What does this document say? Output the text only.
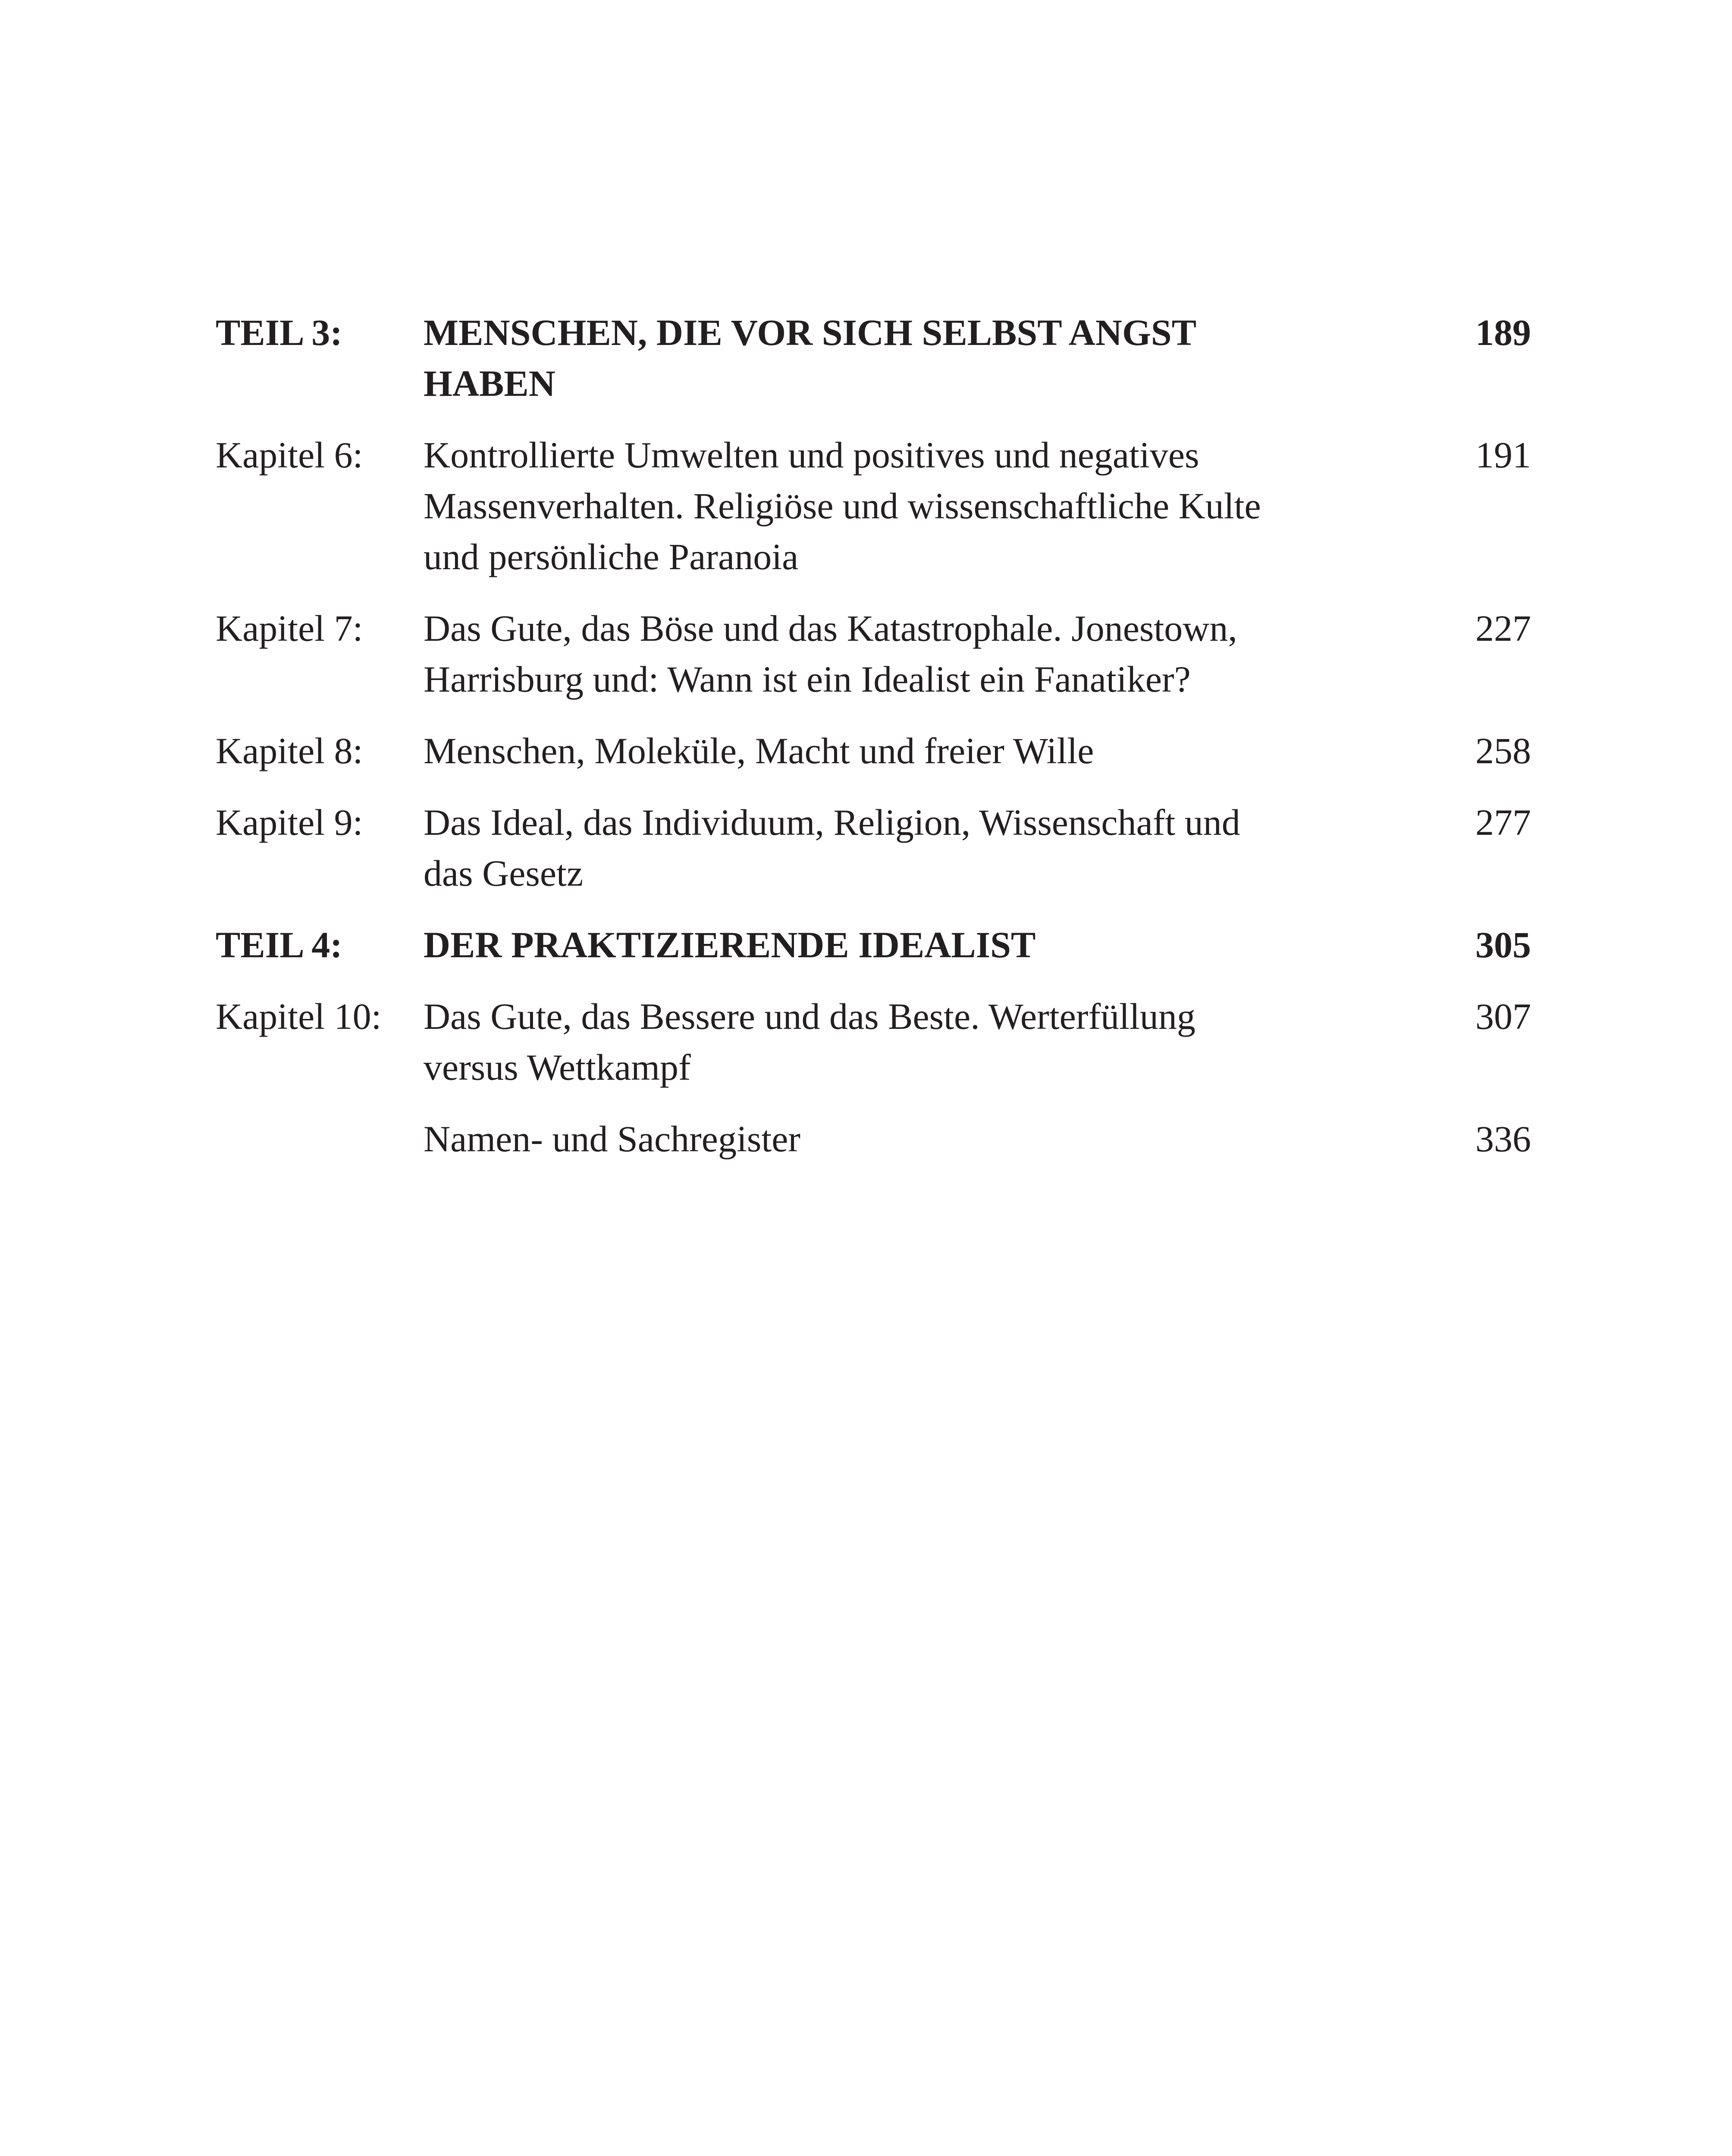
TEIL 3:	MENSCHEN, DIE VOR SICH SELBST ANGST
HABEN
189
Kapitel 6:	Kontrollierte Umwelten und positives und negatives
Massenverhalten. Religiöse und wissenschaftliche Kulte
und persönliche Paranoia
191
Kapitel 7:	Das Gute, das Böse und das Katastrophale. Jonestown,
Harrisburg und: Wann ist ein Idealist ein Fanatiker?
227
Kapitel 8:	Menschen, Moleküle, Macht und freier Wille	258
Kapitel 9:	Das Ideal, das Individuum, Religion, Wissenschaft und
das Gesetz
277
TEIL 4:	DER PRAKTIZIERENDE IDEALIST	305
Kapitel 10:	Das Gute, das Bessere und das Beste. Werterfüllung
versus Wettkampf
307
Namen- und Sachregister	336
